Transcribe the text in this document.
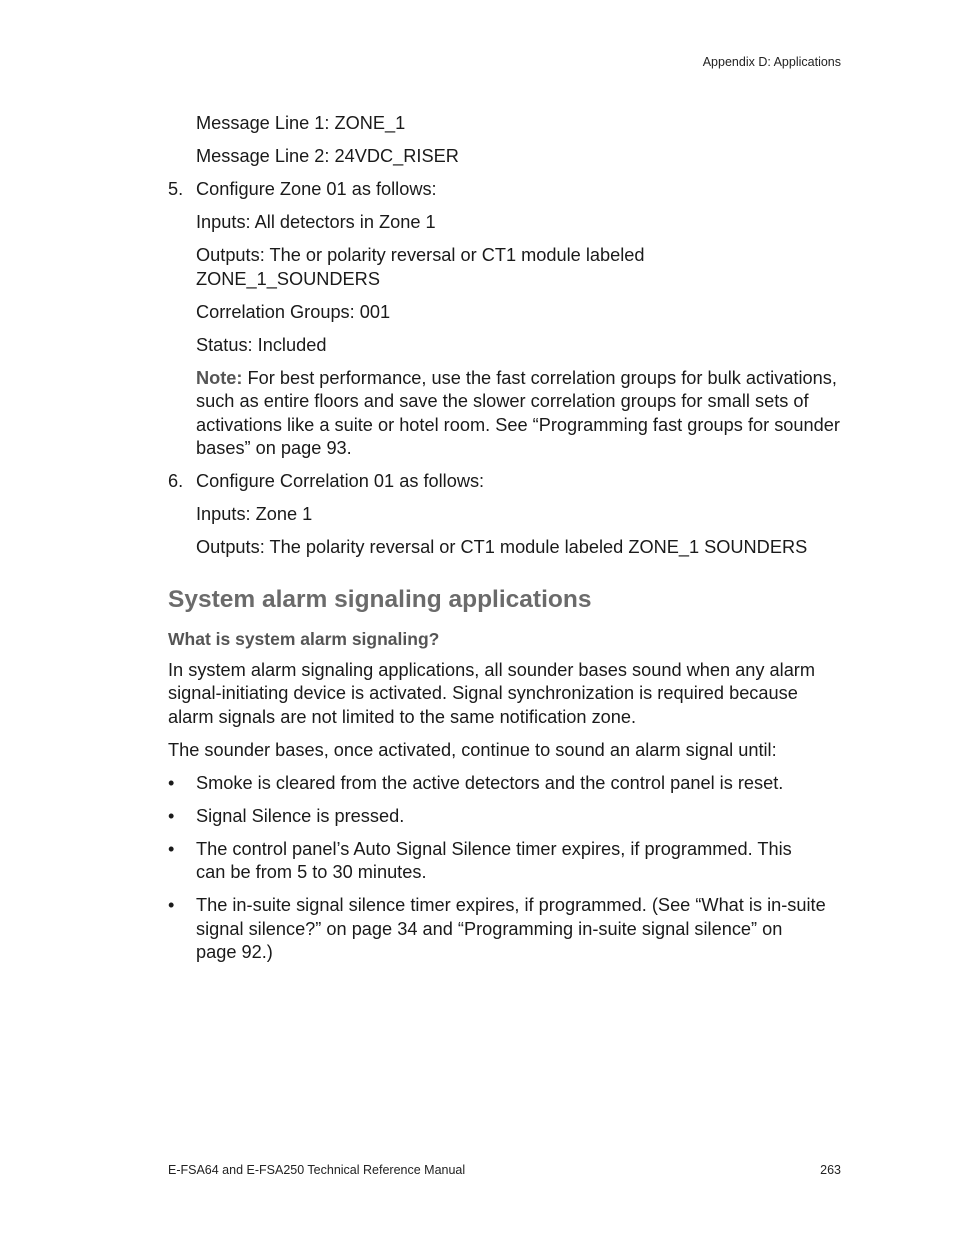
Appendix D: Applications

Message Line 1: ZONE_1

Message Line 2: 24VDC_RISER

5. Configure Zone 01 as follows:

Inputs: All detectors in Zone 1

Outputs: The or polarity reversal or CT1 module labeled ZONE_1_SOUNDERS

Correlation Groups: 001

Status: Included

Note: For best performance, use the fast correlation groups for bulk activations, such as entire floors and save the slower correlation groups for small sets of activations like a suite or hotel room. See “Programming fast groups for sounder bases” on page 93.

6. Configure Correlation 01 as follows:

Inputs: Zone 1

Outputs: The polarity reversal or CT1 module labeled ZONE_1 SOUNDERS

System alarm signaling applications
What is system alarm signaling?

In system alarm signaling applications, all sounder bases sound when any alarm signal-initiating device is activated. Signal synchronization is required because alarm signals are not limited to the same notification zone.

The sounder bases, once activated, continue to sound an alarm signal until:

• Smoke is cleared from the active detectors and the control panel is reset.

• Signal Silence is pressed.

• The control panel’s Auto Signal Silence timer expires, if programmed. This can be from 5 to 30 minutes.

• The in-suite signal silence timer expires, if programmed. (See “What is in-suite signal silence?” on page 34 and “Programming in-suite signal silence” on page 92.)

E-FSA64 and E-FSA250 Technical Reference Manual	263
